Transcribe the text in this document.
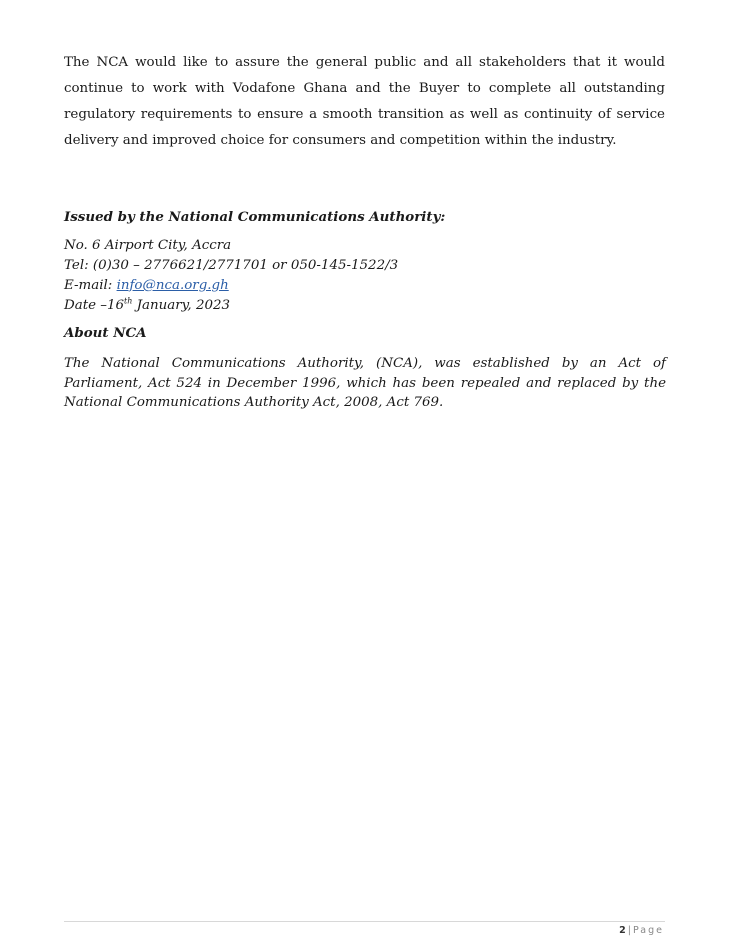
The NCA would like to assure the general public and all stakeholders that it would continue to work with Vodafone Ghana and the Buyer to complete all outstanding regulatory requirements to ensure a smooth transition as well as continuity of service delivery and improved choice for consumers and competition within the industry.

Issued by the National Communications Authority:

No. 6 Airport City, Accra
Tel: (0)30 – 2776621/2771701 or 050-145-1522/3
E-mail: info@nca.org.gh
Date –16th January, 2023

About NCA

The National Communications Authority, (NCA), was established by an Act of Parliament, Act 524 in December 1996, which has been repealed and replaced by the National Communications Authority Act, 2008, Act 769.

2 | Page
